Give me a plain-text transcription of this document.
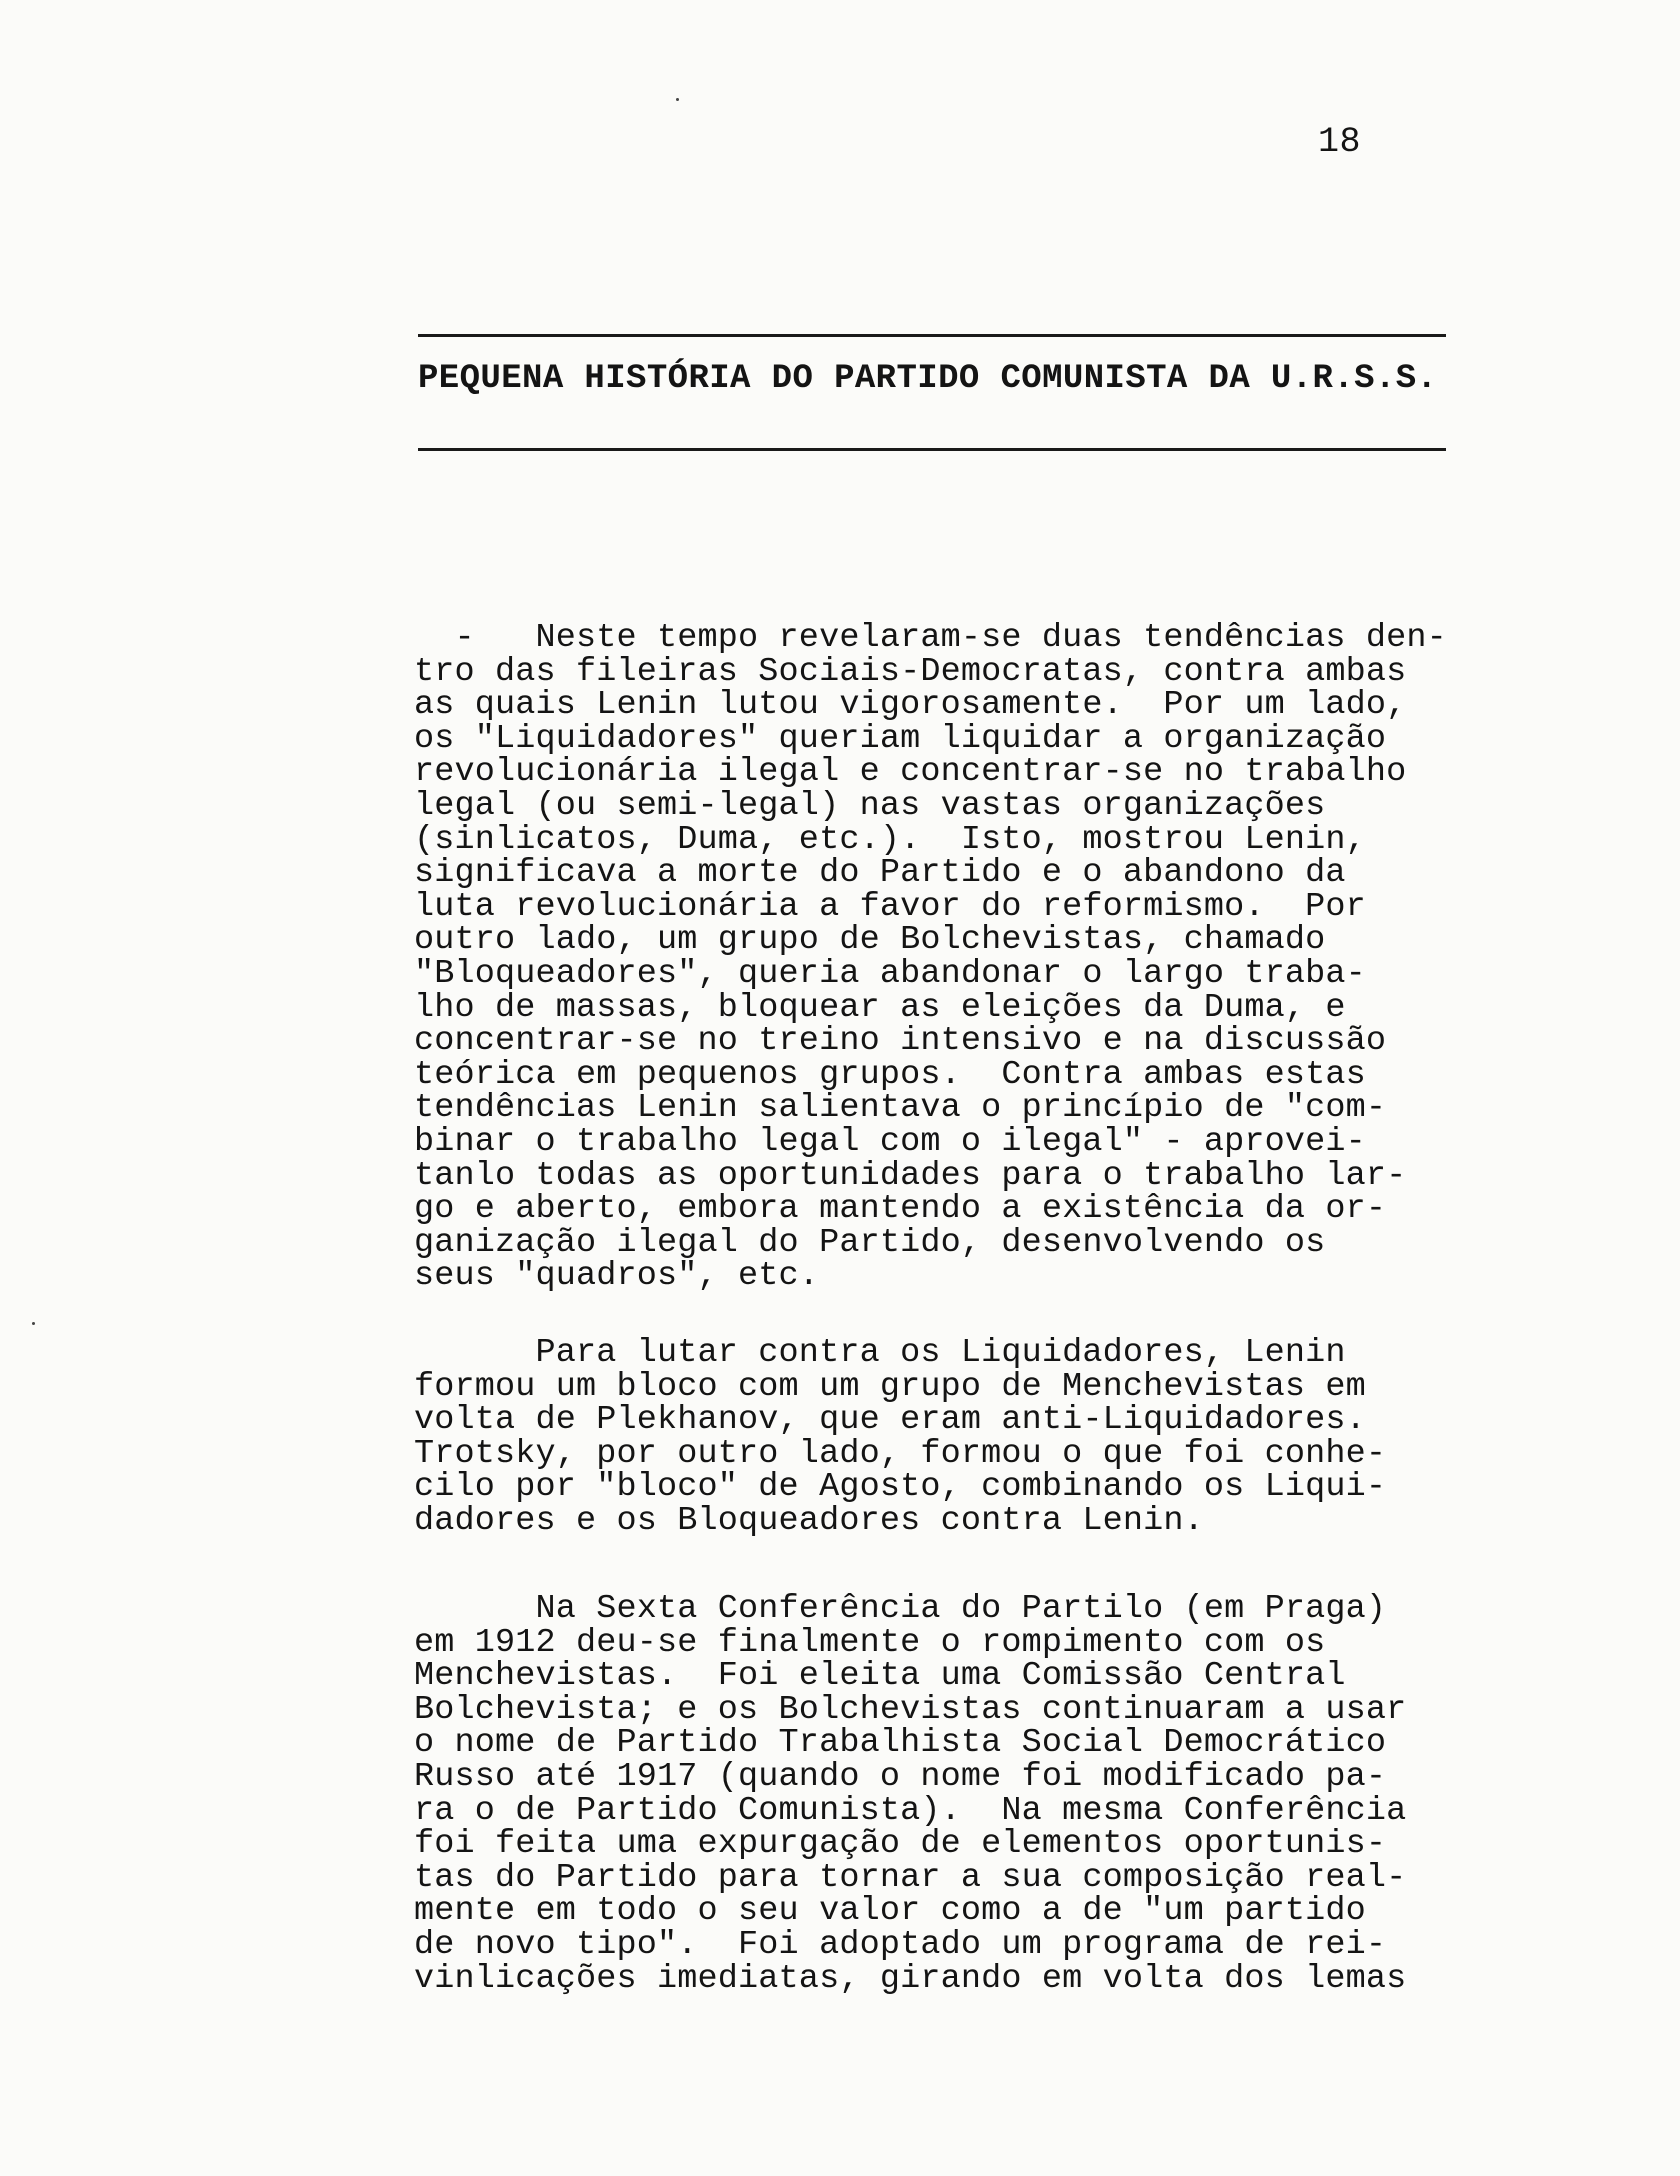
18
PEQUENA HISTÓRIA DO PARTIDO COMUNISTA DA U.R.S.S.
-   Neste tempo revelaram-se duas tendências den-
tro das fileiras Sociais-Democratas, contra ambas
as quais Lenin lutou vigorosamente.  Por um lado,
os "Liquidadores" queriam liquidar a organização
revolucionária ilegal e concentrar-se no trabalho
legal (ou semi-legal) nas vastas organizações
(sinlicatos, Duma, etc.).  Isto, mostrou Lenin,
significava a morte do Partido e o abandono da
luta revolucionária a favor do reformismo.  Por
outro lado, um grupo de Bolchevistas, chamado
"Bloqueadores", queria abandonar o largo traba-
lho de massas, bloquear as eleições da Duma, e
concentrar-se no treino intensivo e na discussão
teórica em pequenos grupos.  Contra ambas estas
tendências Lenin salientava o princípio de "com-
binar o trabalho legal com o ilegal" - aprovei-
tanlo todas as oportunidades para o trabalho lar-
go e aberto, embora mantendo a existência da or-
ganização ilegal do Partido, desenvolvendo os
seus "quadros", etc.
Para lutar contra os Liquidadores, Lenin
formou um bloco com um grupo de Menchevistas em
volta de Plekhanov, que eram anti-Liquidadores.
Trotsky, por outro lado, formou o que foi conhe-
cilo por "bloco" de Agosto, combinando os Liqui-
dadores e os Bloqueadores contra Lenin.
Na Sexta Conferência do Partilo (em Praga)
em 1912 deu-se finalmente o rompimento com os
Menchevistas.  Foi eleita uma Comissão Central
Bolchevista; e os Bolchevistas continuaram a usar
o nome de Partido Trabalhista Social Democrático
Russo até 1917 (quando o nome foi modificado pa-
ra o de Partido Comunista).  Na mesma Conferência
foi feita uma expurgação de elementos oportunis-
tas do Partido para tornar a sua composição real-
mente em todo o seu valor como a de "um partido
de novo tipo".  Foi adoptado um programa de rei-
vinlicações imediatas, girando em volta dos lemas
